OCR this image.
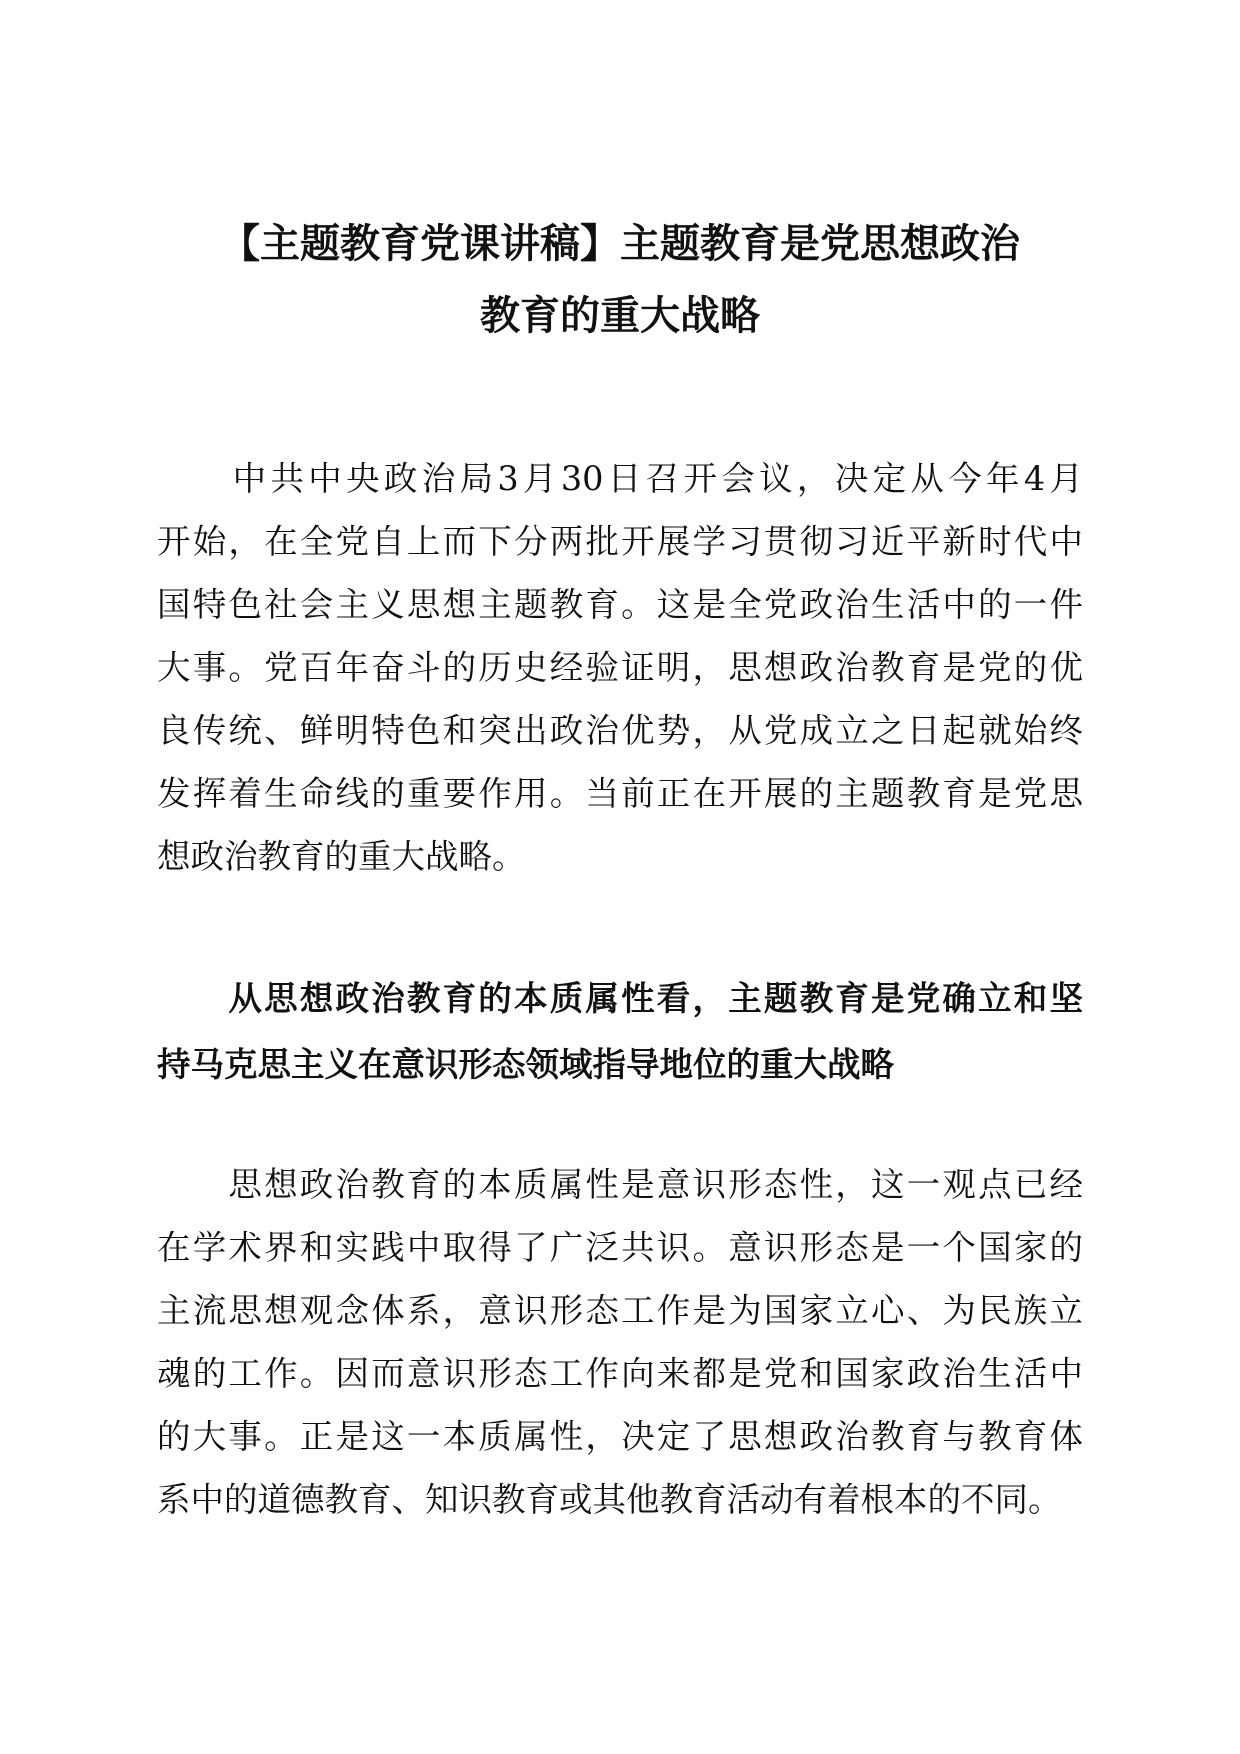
【主题教育党课讲稿】主题教育是党思想政治
教育的重大战略
　　中共中央政治局3月30日召开会议，决定从今年4月
开始，在全党自上而下分两批开展学习贯彻习近平新时代中
国特色社会主义思想主题教育。这是全党政治生活中的一件
大事。党百年奋斗的历史经验证明，思想政治教育是党的优
良传统、鲜明特色和突出政治优势，从党成立之日起就始终
发挥着生命线的重要作用。当前正在开展的主题教育是党思
想政治教育的重大战略。
　　从思想政治教育的本质属性看，主题教育是党确立和坚
持马克思主义在意识形态领域指导地位的重大战略
　　思想政治教育的本质属性是意识形态性，这一观点已经
在学术界和实践中取得了广泛共识。意识形态是一个国家的
主流思想观念体系，意识形态工作是为国家立心、为民族立
魂的工作。因而意识形态工作向来都是党和国家政治生活中
的大事。正是这一本质属性，决定了思想政治教育与教育体
系中的道德教育、知识教育或其他教育活动有着根本的不同。
